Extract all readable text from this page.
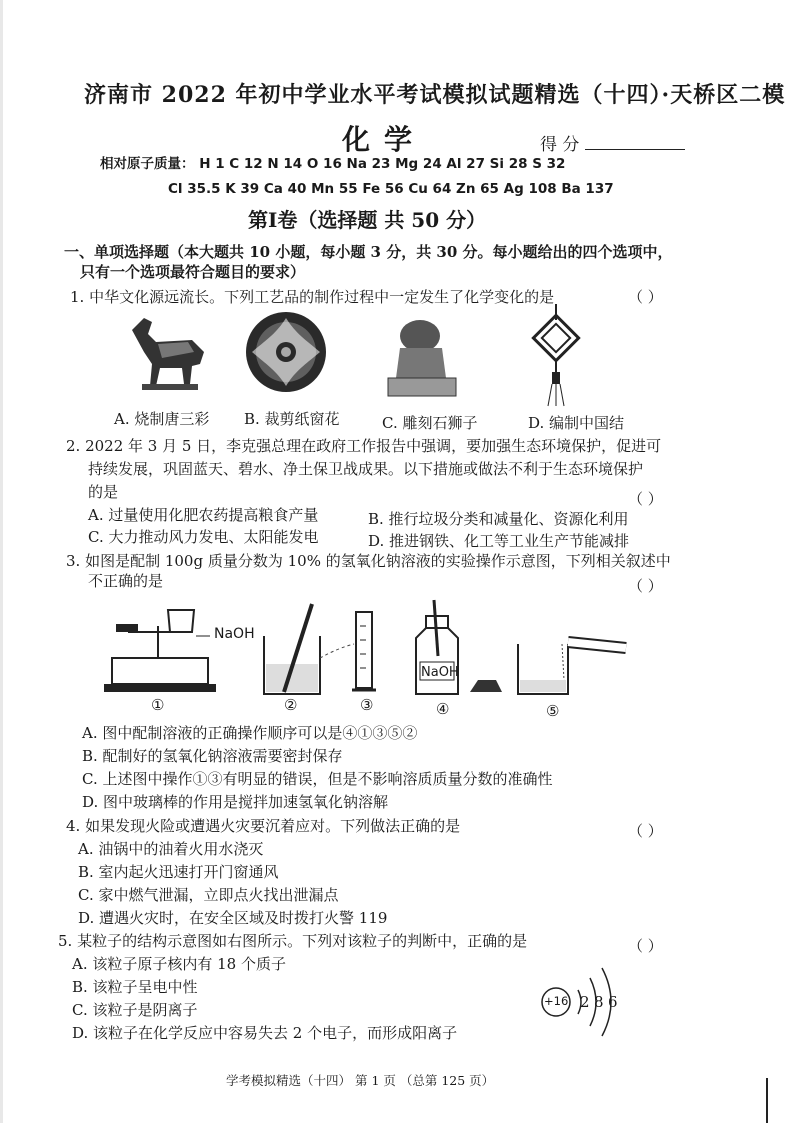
济南市 2022 年初中学业水平考试模拟试题精选（十四）·天桥区二模
化学	得 分
相对原子质量： H 1 C 12 N 14 O 16 Na 23 Mg 24 Al 27 Si 28 S 32
Cl 35.5 K 39 Ca 40 Mn 55 Fe 56 Cu 64 Zn 65 Ag 108 Ba 137
第Ⅰ卷（选择题 共 50 分）
一、单项选择题（本大题共 10 小题，每小题 3 分，共 30 分。每小题给出的四个选项中，
只有一个选项最符合题目的要求）
1. 中华文化源远流长。下列工艺品的制作过程中一定发生了化学变化的是	（ ）
A. 烧制唐三彩 B. 裁剪纸窗花	C. 雕刻石狮子	D. 编制中国结
2. 2022 年 3 月 5 日，李克强总理在政府工作报告中强调，要加强生态环境保护，促进可
持续发展，巩固蓝天、碧水、净土保卫战成果。以下措施或做法不利于生态环境保护
的是	（ ）
A. 过量使用化肥农药提高粮食产量	B. 推行垃圾分类和减量化、资源化利用
C. 大力推动风力发电、太阳能发电	D. 推进钢铁、化工等工业生产节能减排
3. 如图是配制 100g 质量分数为 10% 的氢氧化钠溶液的实验操作示意图，下列相关叙述中
不正确的是	（ ）
NaOH
NaOH
①	②	③	④	⑤
A. 图中配制溶液的正确操作顺序可以是④①③⑤②
B. 配制好的氢氧化钠溶液需要密封保存
C. 上述图中操作①③有明显的错误，但是不影响溶质质量分数的准确性
D. 图中玻璃棒的作用是搅拌加速氢氧化钠溶解
4. 如果发现火险或遭遇火灾要沉着应对。下列做法正确的是	（ ）
A. 油锅中的油着火用水浇灭
B. 室内起火迅速打开门窗通风
C. 家中燃气泄漏，立即点火找出泄漏点
D. 遭遇火灾时，在安全区域及时拨打火警 119
5. 某粒子的结构示意图如右图所示。下列对该粒子的判断中，正确的是	（ ）
A. 该粒子原子核内有 18 个质子
B. 该粒子呈电中性
C. 该粒子是阴离子
D. 该粒子在化学反应中容易失去 2 个电子，而形成阳离子
+16 2 8 6
学考模拟精选（十四） 第 1 页 （总第 125 页）
